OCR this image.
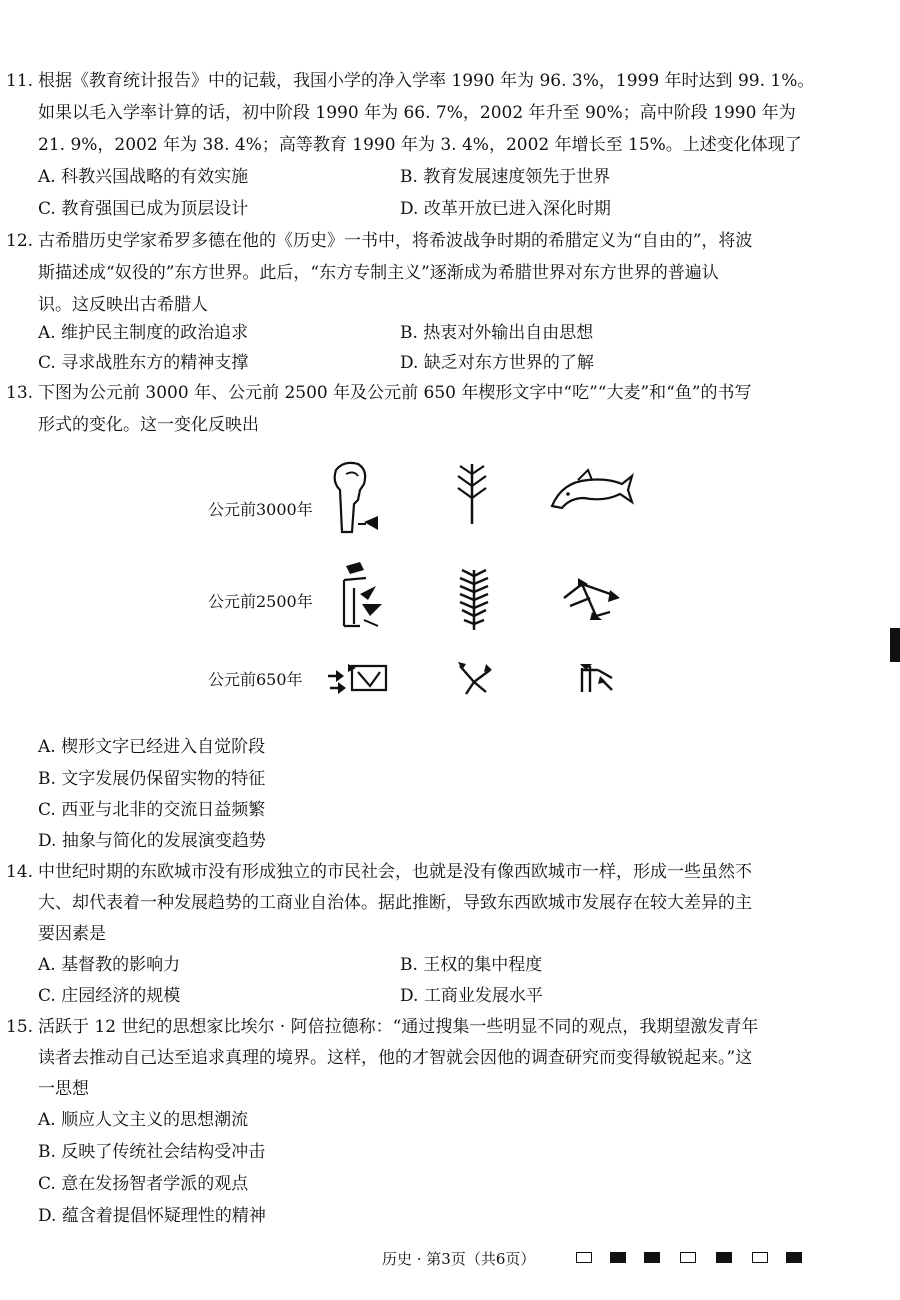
11. 根据《教育统计报告》中的记载，我国小学的净入学率 1990 年为 96. 3%，1999 年时达到 99. 1%。
如果以毛入学率计算的话，初中阶段 1990 年为 66. 7%，2002 年升至 90%；高中阶段 1990 年为
21. 9%，2002 年为 38. 4%；高等教育 1990 年为 3. 4%，2002 年增长至 15%。上述变化体现了
A. 科教兴国战略的有效实施	B. 教育发展速度领先于世界
C. 教育强国已成为顶层设计	D. 改革开放已进入深化时期
12. 古希腊历史学家希罗多德在他的《历史》一书中，将希波战争时期的希腊定义为“自由的”，将波
斯描述成“奴役的”东方世界。此后，“东方专制主义”逐渐成为希腊世界对东方世界的普遍认
识。这反映出古希腊人
A. 维护民主制度的政治追求	B. 热衷对外输出自由思想
C. 寻求战胜东方的精神支撑	D. 缺乏对东方世界的了解
13. 下图为公元前 3000 年、公元前 2500 年及公元前 650 年楔形文字中“吃”“大麦”和“鱼”的书写
形式的变化。这一变化反映出
公元前3000年
公元前2500年
公元前650年
A. 楔形文字已经进入自觉阶段
B. 文字发展仍保留实物的特征
C. 西亚与北非的交流日益频繁
D. 抽象与简化的发展演变趋势
14. 中世纪时期的东欧城市没有形成独立的市民社会，也就是没有像西欧城市一样，形成一些虽然不
大、却代表着一种发展趋势的工商业自治体。据此推断，导致东西欧城市发展存在较大差异的主
要因素是
A. 基督教的影响力	B. 王权的集中程度
C. 庄园经济的规模	D. 工商业发展水平
15. 活跃于 12 世纪的思想家比埃尔 · 阿倍拉德称：“通过搜集一些明显不同的观点，我期望激发青年
读者去推动自己达至追求真理的境界。这样，他的才智就会因他的调查研究而变得敏锐起来。”这
一思想
A. 顺应人文主义的思想潮流
B. 反映了传统社会结构受冲击
C. 意在发扬智者学派的观点
D. 蕴含着提倡怀疑理性的精神
历史 · 第3页（共6页）
